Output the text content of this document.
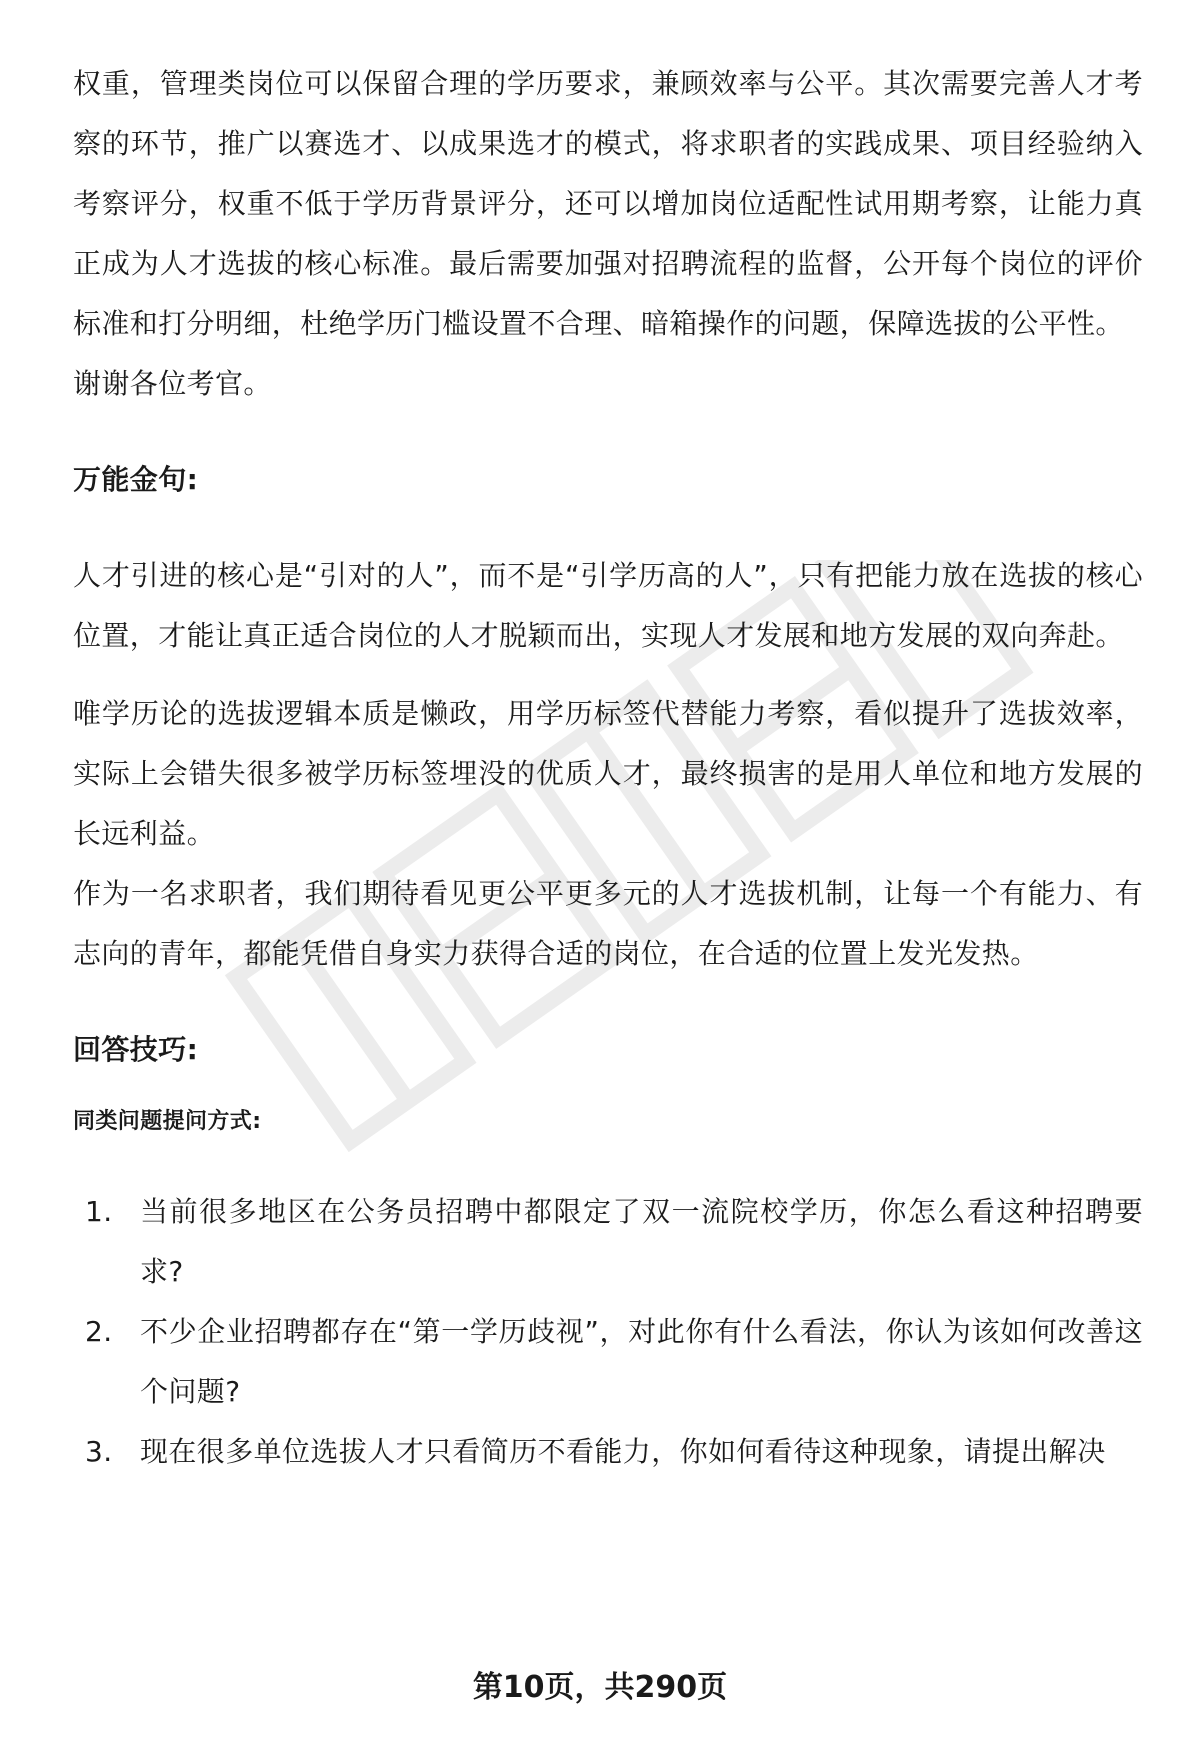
权重，管理类岗位可以保留合理的学历要求，兼顾效率与公平。其次需要完善人才考察的环节，推广以赛选才、以成果选才的模式，将求职者的实践成果、项目经验纳入考察评分，权重不低于学历背景评分，还可以增加岗位适配性试用期考察，让能力真正成为人才选拔的核心标准。最后需要加强对招聘流程的监督，公开每个岗位的评价标准和打分明细，杜绝学历门槛设置不合理、暗箱操作的问题，保障选拔的公平性。

谢谢各位考官。

万能金句:

人才引进的核心是“引对的人”，而不是“引学历高的人”，只有把能力放在选拔的核心位置，才能让真正适合岗位的人才脱颖而出，实现人才发展和地方发展的双向奔赴。

唯学历论的选拔逻辑本质是懒政，用学历标签代替能力考察，看似提升了选拔效率，实际上会错失很多被学历标签埋没的优质人才，最终损害的是用人单位和地方发展的长远利益。

作为一名求职者，我们期待看见更公平更多元的人才选拔机制，让每一个有能力、有志向的青年，都能凭借自身实力获得合适的岗位，在合适的位置上发光发热。

回答技巧:

同类问题提问方式:

1. 当前很多地区在公务员招聘中都限定了双一流院校学历，你怎么看这种招聘要求?
2. 不少企业招聘都存在“第一学历歧视”，对此你有什么看法，你认为该如何改善这个问题?
3. 现在很多单位选拔人才只看简历不看能力，你如何看待这种现象，请提出解决
第10页，共290页
